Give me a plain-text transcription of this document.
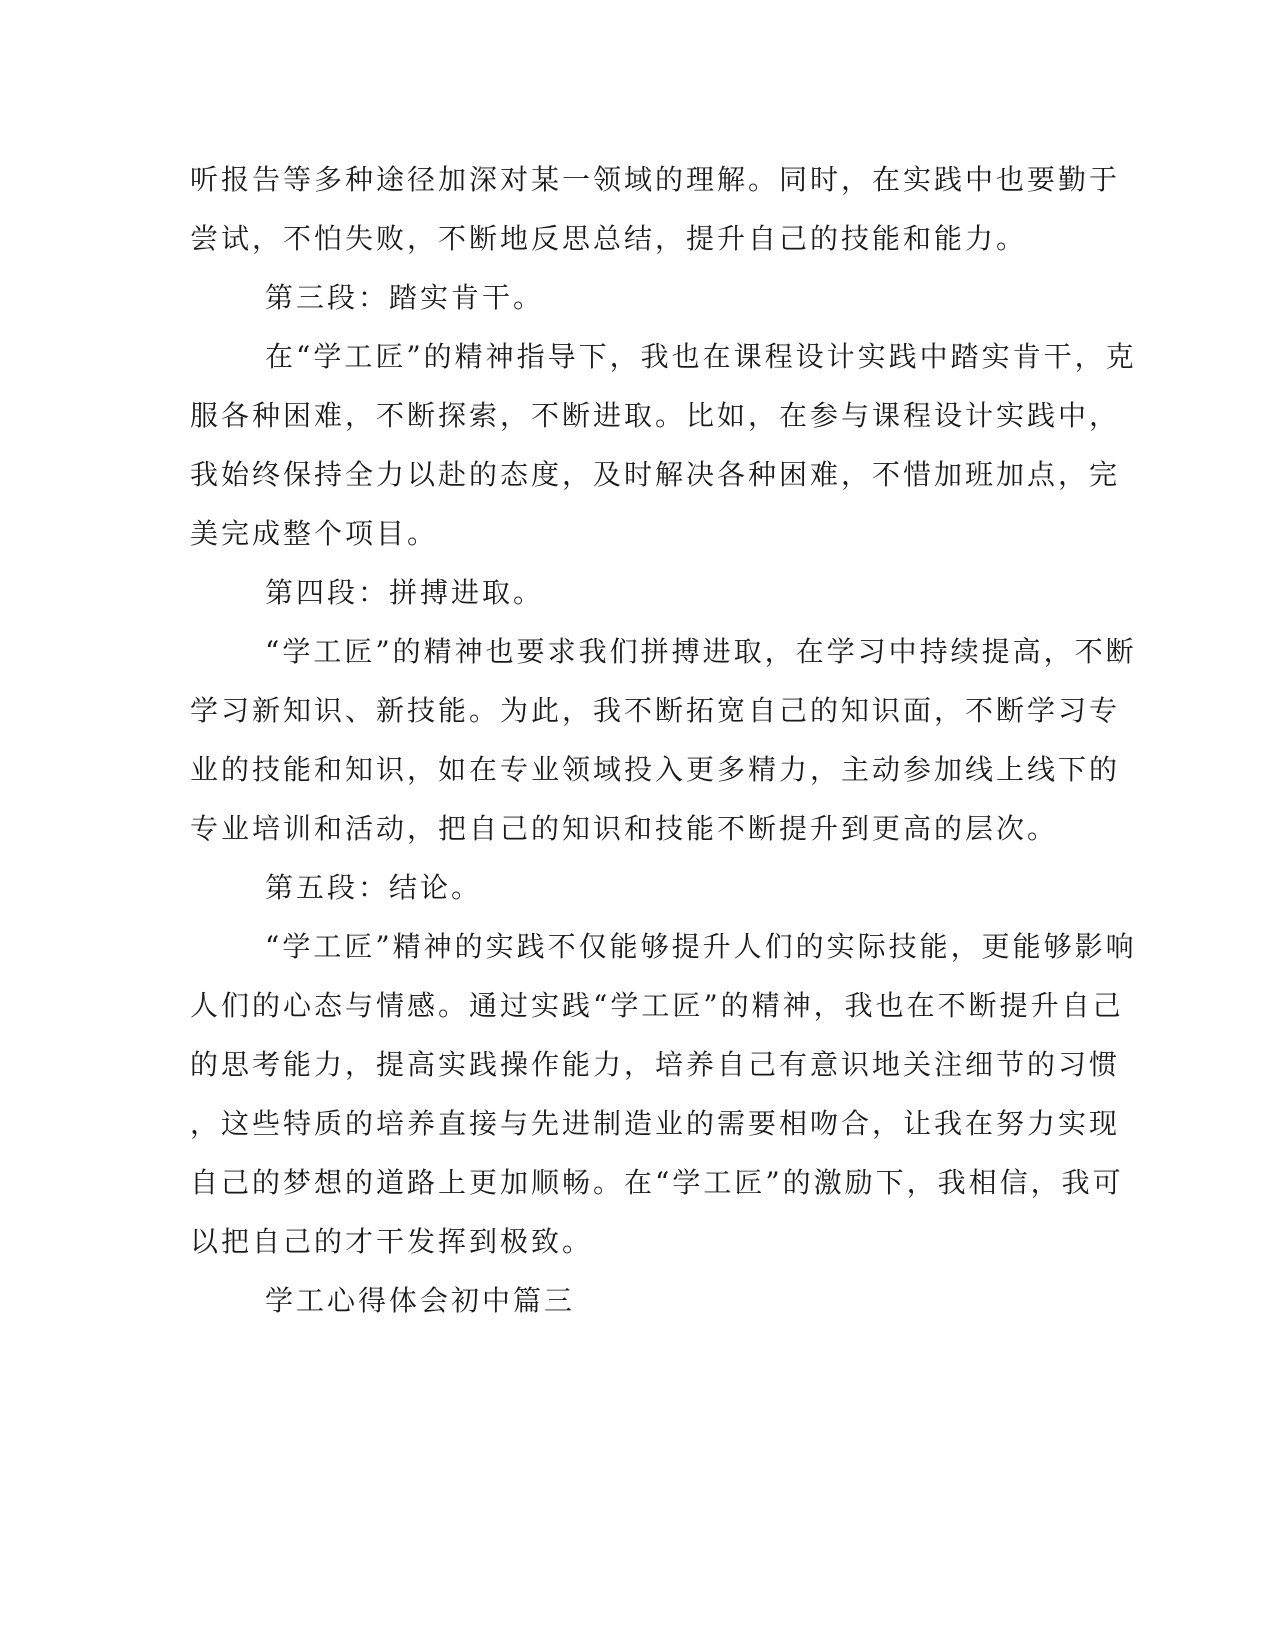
听报告等多种途径加深对某一领域的理解。同时，在实践中也要勤于
尝试，不怕失败，不断地反思总结，提升自己的技能和能力。
第三段：踏实肯干。
在“学工匠”的精神指导下，我也在课程设计实践中踏实肯干，克
服各种困难，不断探索，不断进取。比如，在参与课程设计实践中，
我始终保持全力以赴的态度，及时解决各种困难，不惜加班加点，完
美完成整个项目。
第四段：拼搏进取。
“学工匠”的精神也要求我们拼搏进取，在学习中持续提高，不断
学习新知识、新技能。为此，我不断拓宽自己的知识面，不断学习专
业的技能和知识，如在专业领域投入更多精力，主动参加线上线下的
专业培训和活动，把自己的知识和技能不断提升到更高的层次。
第五段：结论。
“学工匠”精神的实践不仅能够提升人们的实际技能，更能够影响
人们的心态与情感。通过实践“学工匠”的精神，我也在不断提升自己
的思考能力，提高实践操作能力，培养自己有意识地关注细节的习惯
，这些特质的培养直接与先进制造业的需要相吻合，让我在努力实现
自己的梦想的道路上更加顺畅。在“学工匠”的激励下，我相信，我可
以把自己的才干发挥到极致。
学工心得体会初中篇三
